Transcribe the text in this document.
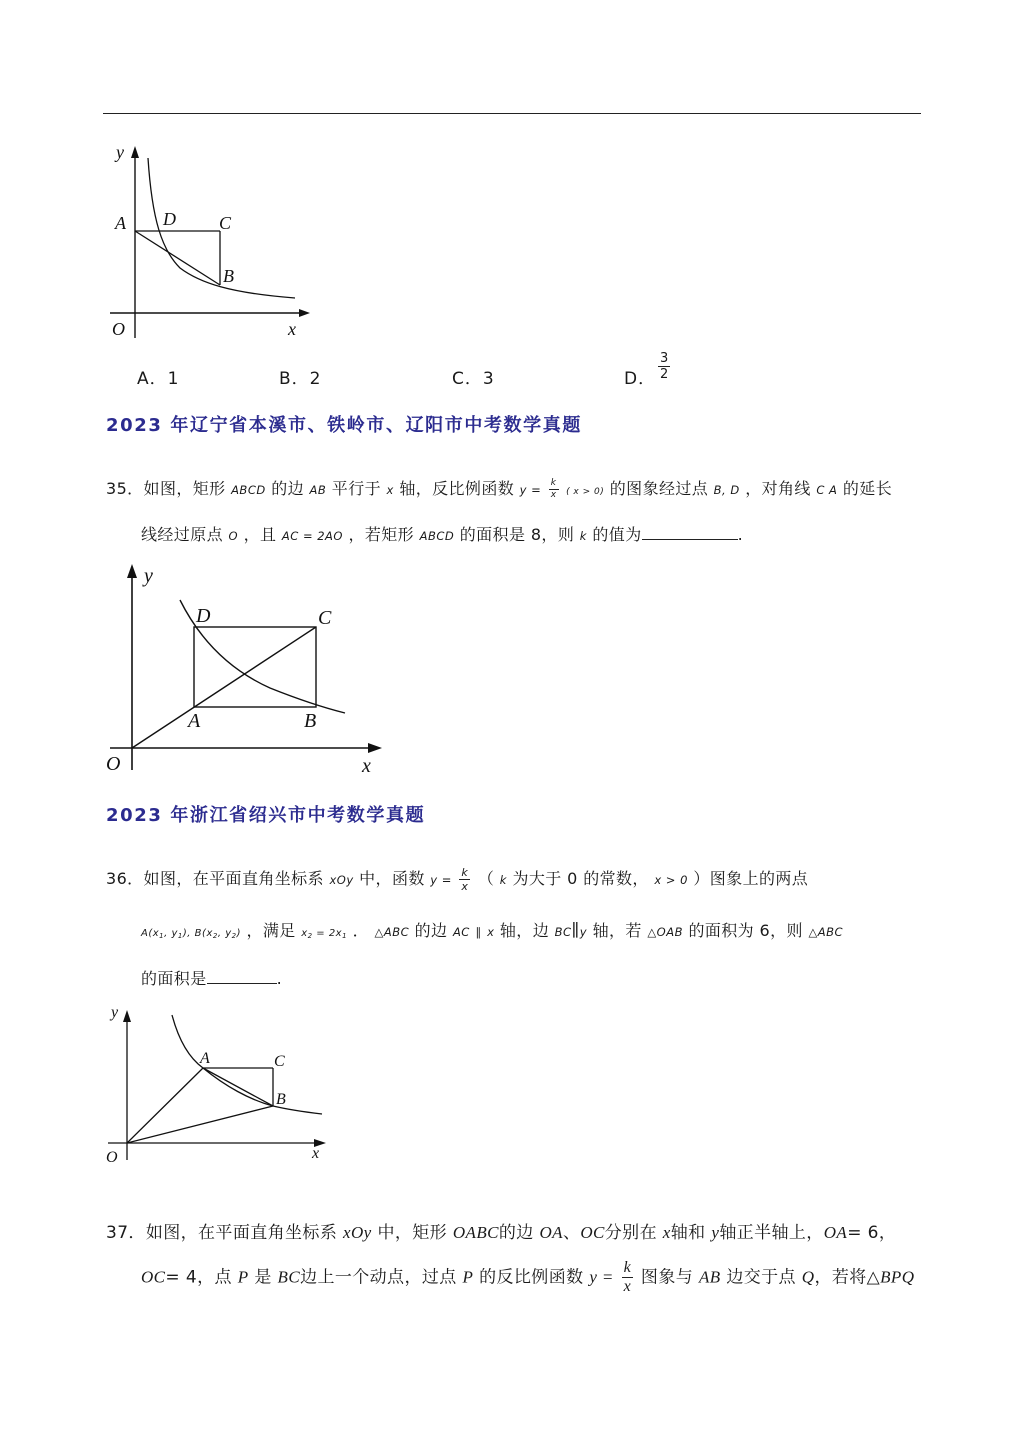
y
x
O
A D C
B
A．1	B．2	C．3	D． $\frac{3}{2}$
2023 年辽宁省本溪市、铁岭市、辽阳市中考数学真题
35．如图，矩形 ABCD 的边 AB 平行于 x 轴，反比例函数 $y = \frac{k}{x}$ ( x > 0) 的图象经过点 B, D ，对角线 C A 的延长
线经过原点 O ，且 AC = 2AO ，若矩形 ABCD 的面积是 8，则 k 的值为	.
y
x
O
D	C
A	B
2023 年浙江省绍兴市中考数学真题
36．如图，在平面直角坐标系 xOy 中，函数 $y = \frac{k}{x}$ （ k 为大于 0 的常数， x > 0 ）图象上的两点
$A(x_1$, $y_1$), $B(x_2$, $y_2$) ，满足 $x_2 = 2x_1$ ． △ABC 的边 AC ∥ x 轴，边 BC∥y 轴，若 △OAB 的面积为 6，则 △ABC
的面积是	.
y
x
O
A	C
B
37．如图，在平面直角坐标系 xOy 中，矩形 OABC的边 OA、OC分别在 x轴和 y轴正半轴上，OA= 6，
OC= 4，点 P 是 BC边上一个动点，过点 P 的反比例函数 $y = \frac{k}{x}$ 图象与 AB 边交于点 Q，若将△BPQ
